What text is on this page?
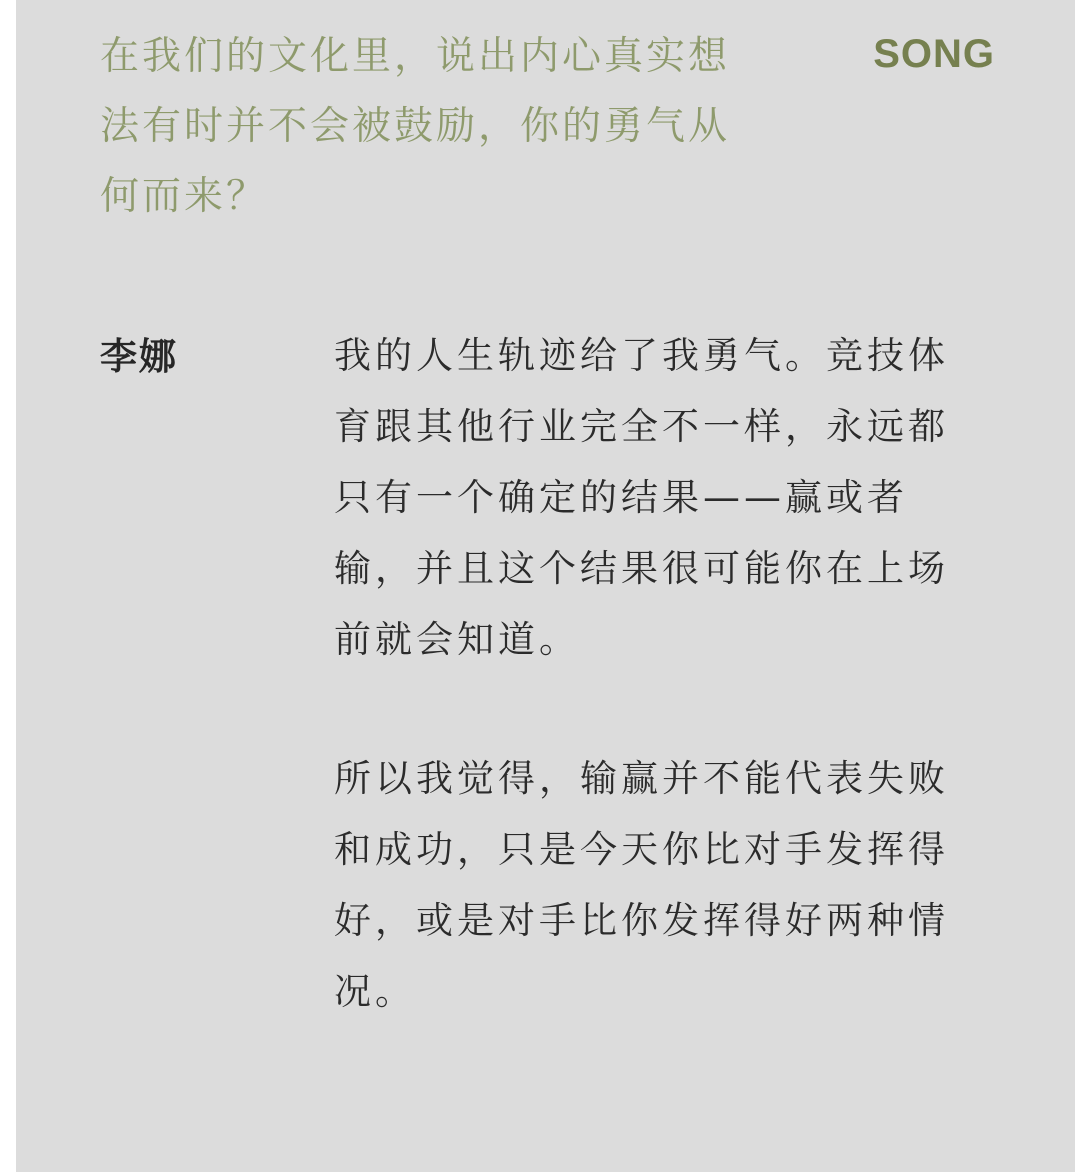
在我们的文化里，说出内心真实想
法有时并不会被鼓励，你的勇气从
何而来？
SONG
李娜	我的人生轨迹给了我勇气。竞技体
育跟其他行业完全不一样，永远都
只有一个确定的结果——赢或者
输，并且这个结果很可能你在上场
前就会知道。
所以我觉得，输赢并不能代表失败
和成功，只是今天你比对手发挥得
好，或是对手比你发挥得好两种情
况。
